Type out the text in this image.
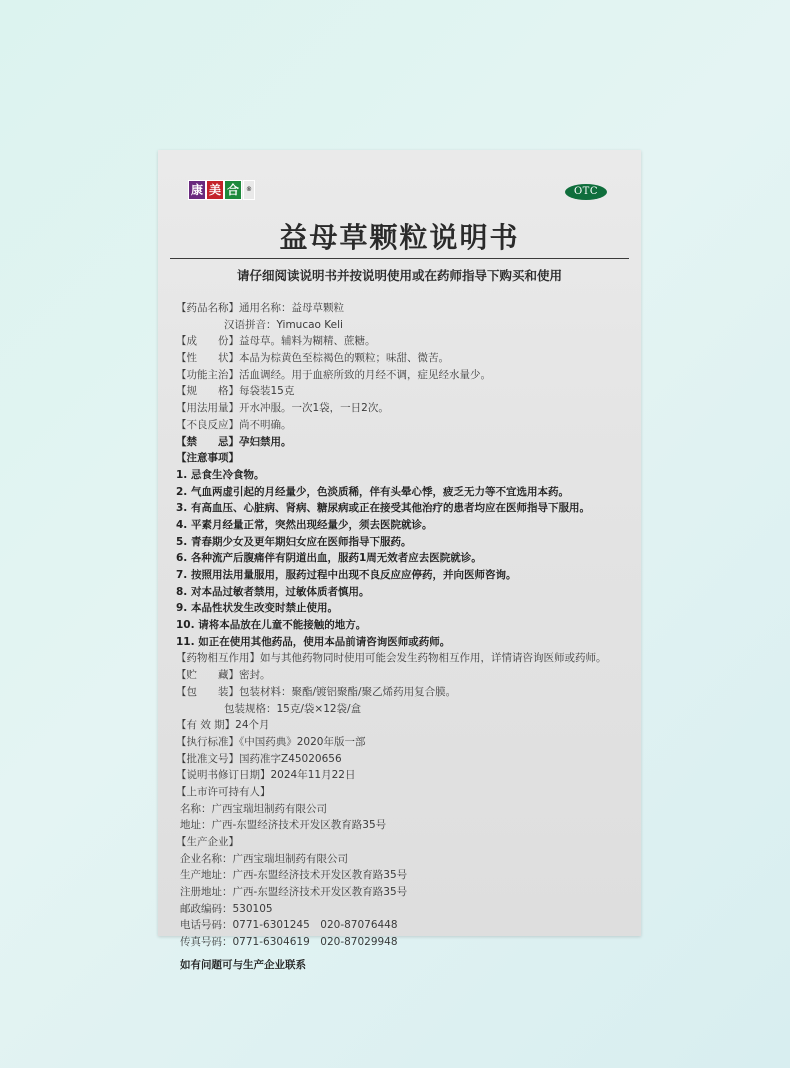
康 美 合	®	OTC
益母草颗粒说明书
请仔细阅读说明书并按说明使用或在药师指导下购买和使用
【药品名称】通用名称：益母草颗粒
汉语拼音：Yimucao Keli
【成　　份】益母草。辅料为糊精、蔗糖。
【性　　状】本品为棕黄色至棕褐色的颗粒；味甜、微苦。
【功能主治】活血调经。用于血瘀所致的月经不调，症见经水量少。
【规　　格】每袋装15克
【用法用量】开水冲服。一次1袋，一日2次。
【不良反应】尚不明确。
【禁　　忌】孕妇禁用。
【注意事项】
1. 忌食生冷食物。
2. 气血两虚引起的月经量少，色淡质稀，伴有头晕心悸，疲乏无力等不宜选用本药。
3. 有高血压、心脏病、肾病、糖尿病或正在接受其他治疗的患者均应在医师指导下服用。
4. 平素月经量正常，突然出现经量少，须去医院就诊。
5. 青春期少女及更年期妇女应在医师指导下服药。
6. 各种流产后腹痛伴有阴道出血，服药1周无效者应去医院就诊。
7. 按照用法用量服用，服药过程中出现不良反应应停药，并向医师咨询。
8. 对本品过敏者禁用，过敏体质者慎用。
9. 本品性状发生改变时禁止使用。
10. 请将本品放在儿童不能接触的地方。
11. 如正在使用其他药品，使用本品前请咨询医师或药师。
【药物相互作用】如与其他药物同时使用可能会发生药物相互作用，详情请咨询医师或药师。
【贮　　藏】密封。
【包　　装】包装材料：聚酯/镀铝聚酯/聚乙烯药用复合膜。
包装规格：15克/袋×12袋/盒
【有 效 期】24个月
【执行标准】《中国药典》2020年版一部
【批准文号】国药准字Z45020656
【说明书修订日期】2024年11月22日
【上市许可持有人】
名称：广西宝瑞坦制药有限公司
地址：广西-东盟经济技术开发区教育路35号
【生产企业】
企业名称：广西宝瑞坦制药有限公司
生产地址：广西-东盟经济技术开发区教育路35号
注册地址：广西-东盟经济技术开发区教育路35号
邮政编码：530105
电话号码：0771-6301245　020-87076448
传真号码：0771-6304619　020-87029948
如有问题可与生产企业联系
